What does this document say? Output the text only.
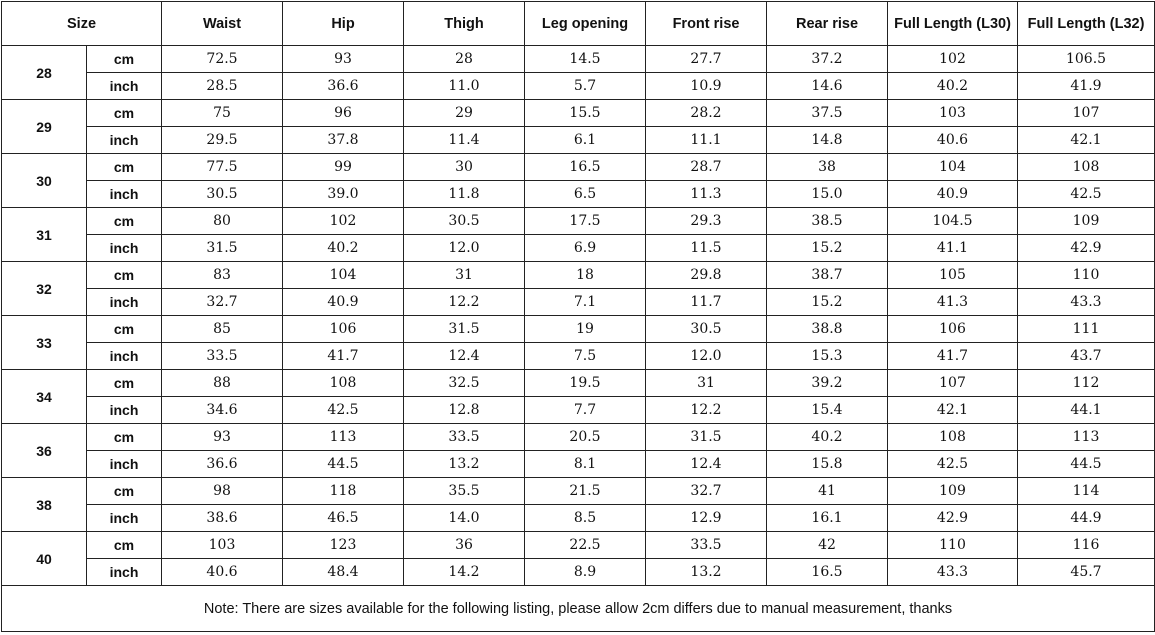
Size		Waist	Hip	Thigh	Leg opening	Front rise	Rear rise	Full Length (L30)	Full Length (L32)
28	cm	72.5	93	28	14.5	27.7	37.2	102	106.5
	inch	28.5	36.6	11.0	5.7	10.9	14.6	40.2	41.9
29	cm	75	96	29	15.5	28.2	37.5	103	107
	inch	29.5	37.8	11.4	6.1	11.1	14.8	40.6	42.1
30	cm	77.5	99	30	16.5	28.7	38	104	108
	inch	30.5	39.0	11.8	6.5	11.3	15.0	40.9	42.5
31	cm	80	102	30.5	17.5	29.3	38.5	104.5	109
	inch	31.5	40.2	12.0	6.9	11.5	15.2	41.1	42.9
32	cm	83	104	31	18	29.8	38.7	105	110
	inch	32.7	40.9	12.2	7.1	11.7	15.2	41.3	43.3
33	cm	85	106	31.5	19	30.5	38.8	106	111
	inch	33.5	41.7	12.4	7.5	12.0	15.3	41.7	43.7
34	cm	88	108	32.5	19.5	31	39.2	107	112
	inch	34.6	42.5	12.8	7.7	12.2	15.4	42.1	44.1
36	cm	93	113	33.5	20.5	31.5	40.2	108	113
	inch	36.6	44.5	13.2	8.1	12.4	15.8	42.5	44.5
38	cm	98	118	35.5	21.5	32.7	41	109	114
	inch	38.6	46.5	14.0	8.5	12.9	16.1	42.9	44.9
40	cm	103	123	36	22.5	33.5	42	110	116
	inch	40.6	48.4	14.2	8.9	13.2	16.5	43.3	45.7
Note: There are sizes available for the following listing, please allow 2cm differs due to manual measurement, thanks									
